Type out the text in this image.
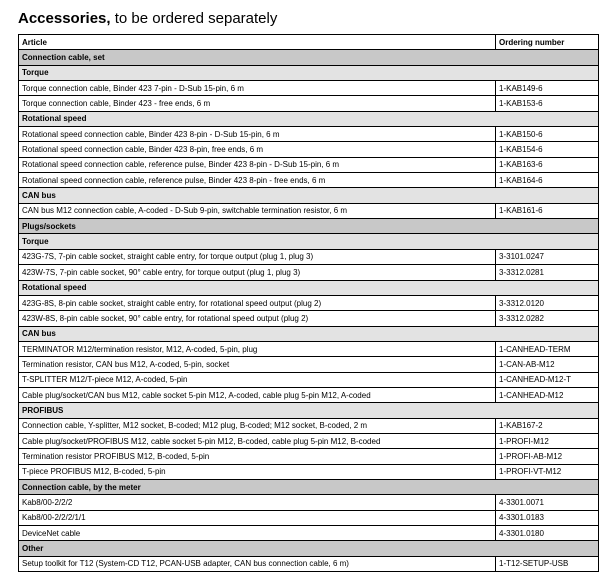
Accessories, to be ordered separately
Article	Ordering number
Connection cable, set	
Torque	
Torque connection cable, Binder 423 7-pin - D-Sub 15-pin, 6 m	1-KAB149-6
Torque connection cable, Binder 423 - free ends, 6 m	1-KAB153-6
Rotational speed	
Rotational speed connection cable, Binder 423 8-pin - D-Sub 15-pin, 6 m	1-KAB150-6
Rotational speed connection cable, Binder 423 8-pin, free ends, 6 m	1-KAB154-6
Rotational speed connection cable, reference pulse, Binder 423 8-pin - D-Sub 15-pin, 6 m	1-KAB163-6
Rotational speed connection cable, reference pulse, Binder 423 8-pin - free ends, 6 m	1-KAB164-6
CAN bus	
CAN bus M12 connection cable, A-coded - D-Sub 9-pin, switchable termination resistor, 6 m	1-KAB161-6
Plugs/sockets	
Torque	
423G-7S, 7-pin cable socket, straight cable entry, for torque output (plug 1, plug 3)	3-3101.0247
423W-7S, 7-pin cable socket, 90° cable entry, for torque output (plug 1, plug 3)	3-3312.0281
Rotational speed	
423G-8S, 8-pin cable socket, straight cable entry, for rotational speed output (plug 2)	3-3312.0120
423W-8S, 8-pin cable socket, 90° cable entry, for rotational speed output (plug 2)	3-3312.0282
CAN bus	
TERMINATOR M12/termination resistor, M12, A-coded, 5-pin, plug	1-CANHEAD-TERM
Termination resistor, CAN bus M12, A-coded, 5-pin, socket	1-CAN-AB-M12
T-SPLITTER M12/T-piece M12, A-coded, 5-pin	1-CANHEAD-M12-T
Cable plug/socket/CAN bus M12, cable socket 5-pin M12, A-coded, cable plug 5-pin M12, A-coded	1-CANHEAD-M12
PROFIBUS	
Connection cable, Y-splitter, M12 socket, B-coded; M12 plug, B-coded; M12 socket, B-coded, 2 m	1-KAB167-2
Cable plug/socket/PROFIBUS M12, cable socket 5-pin M12, B-coded, cable plug 5-pin M12, B-coded	1-PROFI-M12
Termination resistor PROFIBUS M12, B-coded, 5-pin	1-PROFI-AB-M12
T-piece PROFIBUS M12, B-coded, 5-pin	1-PROFI-VT-M12
Connection cable, by the meter	
Kab8/00-2/2/2	4-3301.0071
Kab8/00-2/2/2/1/1	4-3301.0183
DeviceNet cable	4-3301.0180
Other	
Setup toolkit for T12 (System-CD T12, PCAN-USB adapter, CAN bus connection cable, 6 m)	1-T12-SETUP-USB
